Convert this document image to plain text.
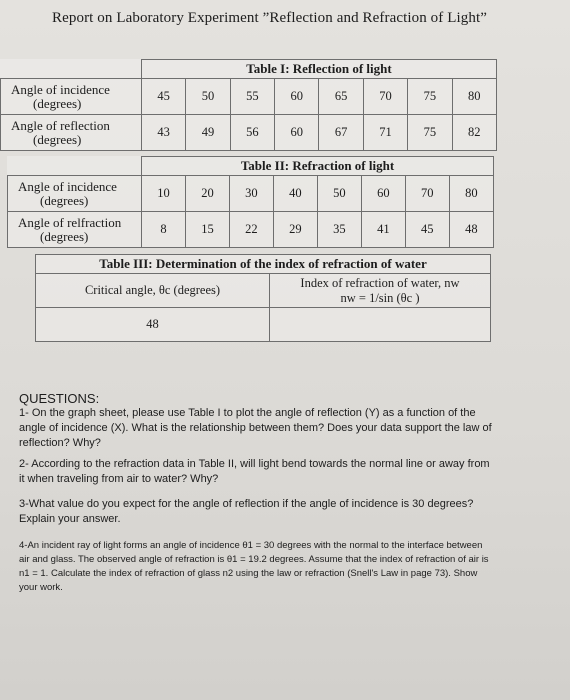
Report on Laboratory Experiment ”Reflection and Refraction of Light”
	Table I: Reflection of light							
Angle of incidence
(degrees)	45	50	55	60	65	70	75	80
Angle of reflection
(degrees)	43	49	56	60	67	71	75	82
	Table II: Refraction of light							
Angle of incidence
(degrees)	10	20	30	40	50	60	70	80
Angle of relfraction
(degrees)	8	15	22	29	35	41	45	48
Table III: Determination of the index of refraction of water	
Critical angle, θc (degrees)	Index of refraction of water, nw
nw = 1/sin (θc )
48	

QUESTIONS:

1- On the graph sheet, please use Table I to plot the angle of reflection (Y) as a function of the angle of incidence (X). What is the relationship between them? Does your data support the law of reflection? Why?

2- According to the refraction data in Table II, will light bend towards the normal line or away from it when traveling from air to water? Why?

3-What value do you expect for the angle of reflection if the angle of incidence is 30 degrees? Explain your answer.

4-An incident ray of light forms an angle of incidence θ1 = 30 degrees with the normal to the interface between air and glass. The observed angle of refraction is θ1 = 19.2 degrees. Assume that the index of refraction of air is n1 = 1. Calculate the index of refraction of glass n2 using the law or refraction (Snell's Law in page 73). Show your work.
